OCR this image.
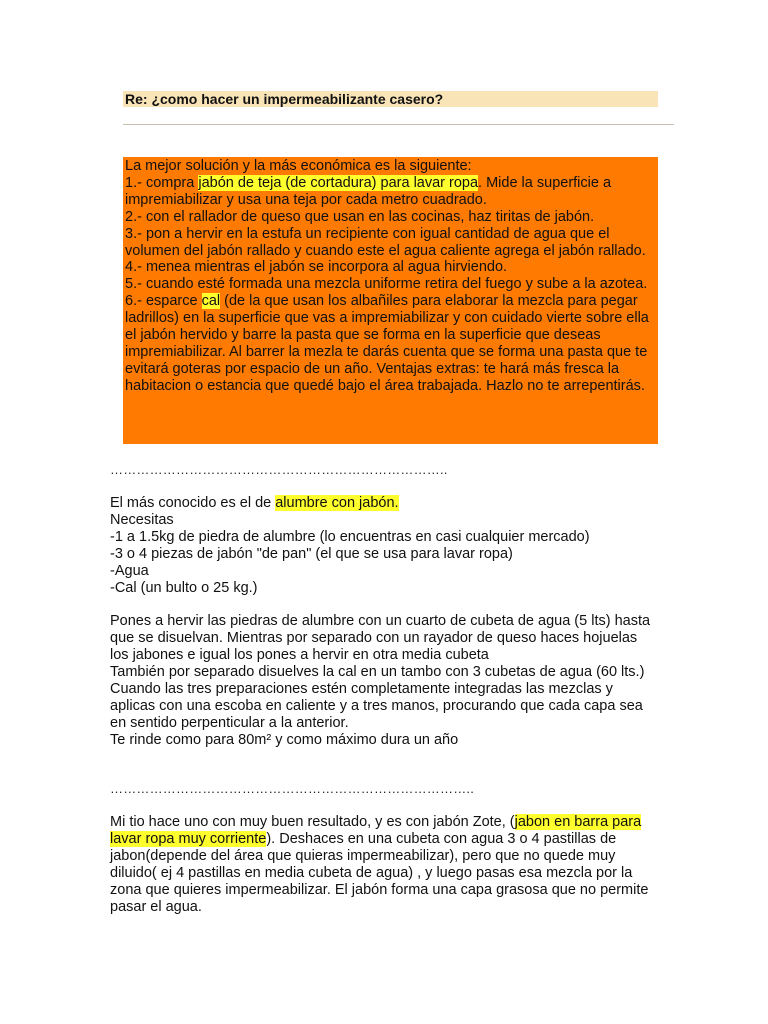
Re: ¿como hacer un impermeabilizante casero?

La mejor solución y la más económica es la siguiente:

1.- compra jabón de teja (de cortadura) para lavar ropa. Mide la superficie a impremiabilizar y usa una teja por cada metro cuadrado.

2.- con el rallador de queso que usan en las cocinas, haz tiritas de jabón.

3.- pon a hervir en la estufa un recipiente con igual cantidad de agua que el volumen del jabón rallado y cuando este el agua caliente agrega el jabón rallado.

4.- menea mientras el jabón se incorpora al agua hirviendo.

5.- cuando esté formada una mezcla uniforme retira del fuego y sube a la azotea.

6.- esparce cal (de la que usan los albañiles para elaborar la mezcla para pegar ladrillos) en la superficie que vas a impremiabilizar y con cuidado vierte sobre ella el jabón hervido y barre la pasta que se forma en la superficie que deseas impremiabilizar. Al barrer la mezla te darás cuenta que se forma una pasta que te evitará goteras por espacio de un año. Ventajas extras: te hará más fresca la habitacion o estancia que quedé bajo el área trabajada. Hazlo no te arrepentirás.

…………………………………………………………………..

El más conocido es el de alumbre con jabón.

Necesitas

-1 a 1.5kg de piedra de alumbre (lo encuentras en casi cualquier mercado)

-3 o 4 piezas de jabón "de pan" (el que se usa para lavar ropa)

-Agua

-Cal (un bulto o 25 kg.)

Pones a hervir las piedras de alumbre con un cuarto de cubeta de agua (5 lts) hasta que se disuelvan. Mientras por separado con un rayador de queso haces hojuelas los jabones e igual los pones a hervir en otra media cubeta

También por separado disuelves la cal en un tambo con 3 cubetas de agua (60 lts.)

Cuando las tres preparaciones estén completamente integradas las mezclas y aplicas con una escoba en caliente y a tres manos, procurando que cada capa sea en sentido perpenticular a la anterior.

Te rinde como para 80m² y como máximo dura un año

………………………………………………………………………..

Mi tio hace uno con muy buen resultado, y es con jabón Zote, (jabon en barra para lavar ropa muy corriente). Deshaces en una cubeta con agua 3 o 4 pastillas de jabon(depende del área que quieras impermeabilizar), pero que no quede muy diluido( ej 4 pastillas en media cubeta de agua) , y luego pasas esa mezcla por la zona que quieres impermeabilizar. El jabón forma una capa grasosa que no permite pasar el agua.
